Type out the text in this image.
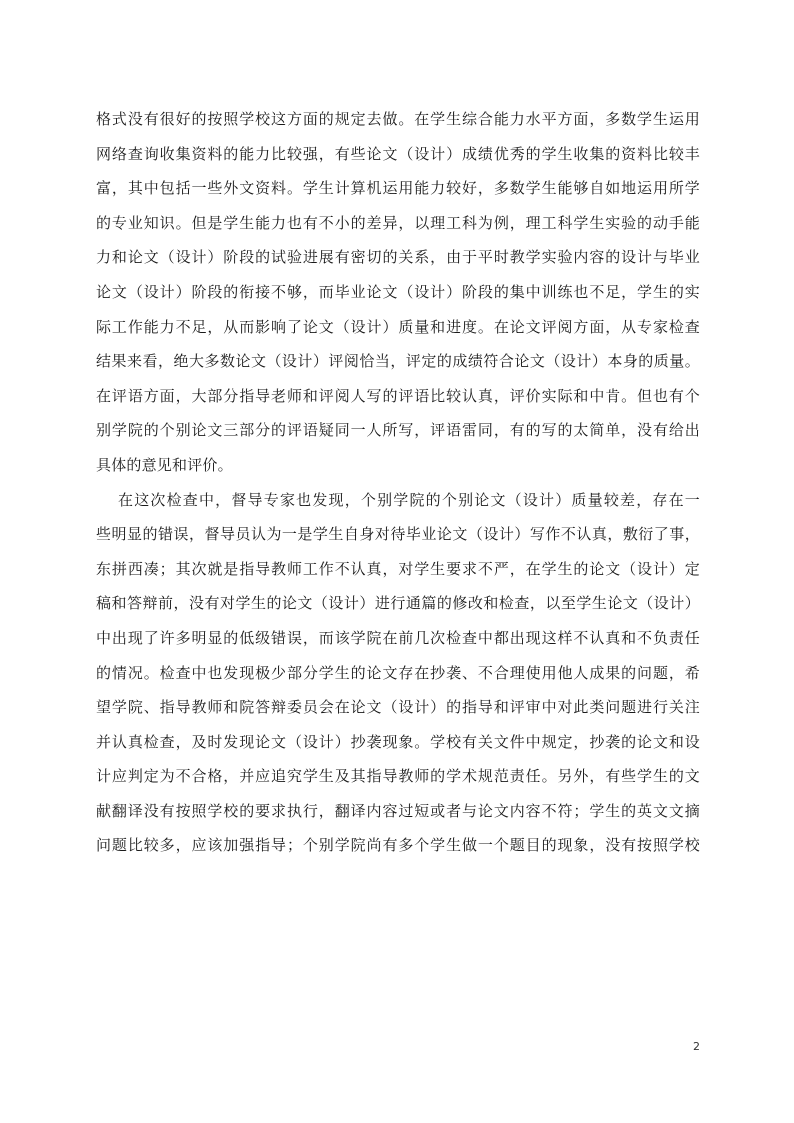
格式没有很好的按照学校这方面的规定去做。在学生综合能力水平方面，多数学生运用
网络查询收集资料的能力比较强，有些论文（设计）成绩优秀的学生收集的资料比较丰
富，其中包括一些外文资料。学生计算机运用能力较好，多数学生能够自如地运用所学
的专业知识。但是学生能力也有不小的差异，以理工科为例，理工科学生实验的动手能
力和论文（设计）阶段的试验进展有密切的关系，由于平时教学实验内容的设计与毕业
论文（设计）阶段的衔接不够，而毕业论文（设计）阶段的集中训练也不足，学生的实
际工作能力不足，从而影响了论文（设计）质量和进度。在论文评阅方面，从专家检查
结果来看，绝大多数论文（设计）评阅恰当，评定的成绩符合论文（设计）本身的质量。
在评语方面，大部分指导老师和评阅人写的评语比较认真，评价实际和中肯。但也有个
别学院的个别论文三部分的评语疑同一人所写，评语雷同，有的写的太简单，没有给出
具体的意见和评价。

在这次检查中，督导专家也发现，个别学院的个别论文（设计）质量较差，存在一
些明显的错误，督导员认为一是学生自身对待毕业论文（设计）写作不认真，敷衍了事，
东拼西凑；其次就是指导教师工作不认真，对学生要求不严，在学生的论文（设计）定
稿和答辩前，没有对学生的论文（设计）进行通篇的修改和检查，以至学生论文（设计）
中出现了许多明显的低级错误，而该学院在前几次检查中都出现这样不认真和不负责任
的情况。检查中也发现极少部分学生的论文存在抄袭、不合理使用他人成果的问题，希
望学院、指导教师和院答辩委员会在论文（设计）的指导和评审中对此类问题进行关注
并认真检查，及时发现论文（设计）抄袭现象。学校有关文件中规定，抄袭的论文和设
计应判定为不合格，并应追究学生及其指导教师的学术规范责任。另外，有些学生的文
献翻译没有按照学校的要求执行，翻译内容过短或者与论文内容不符；学生的英文文摘
问题比较多，应该加强指导；个别学院尚有多个学生做一个题目的现象，没有按照学校

2
